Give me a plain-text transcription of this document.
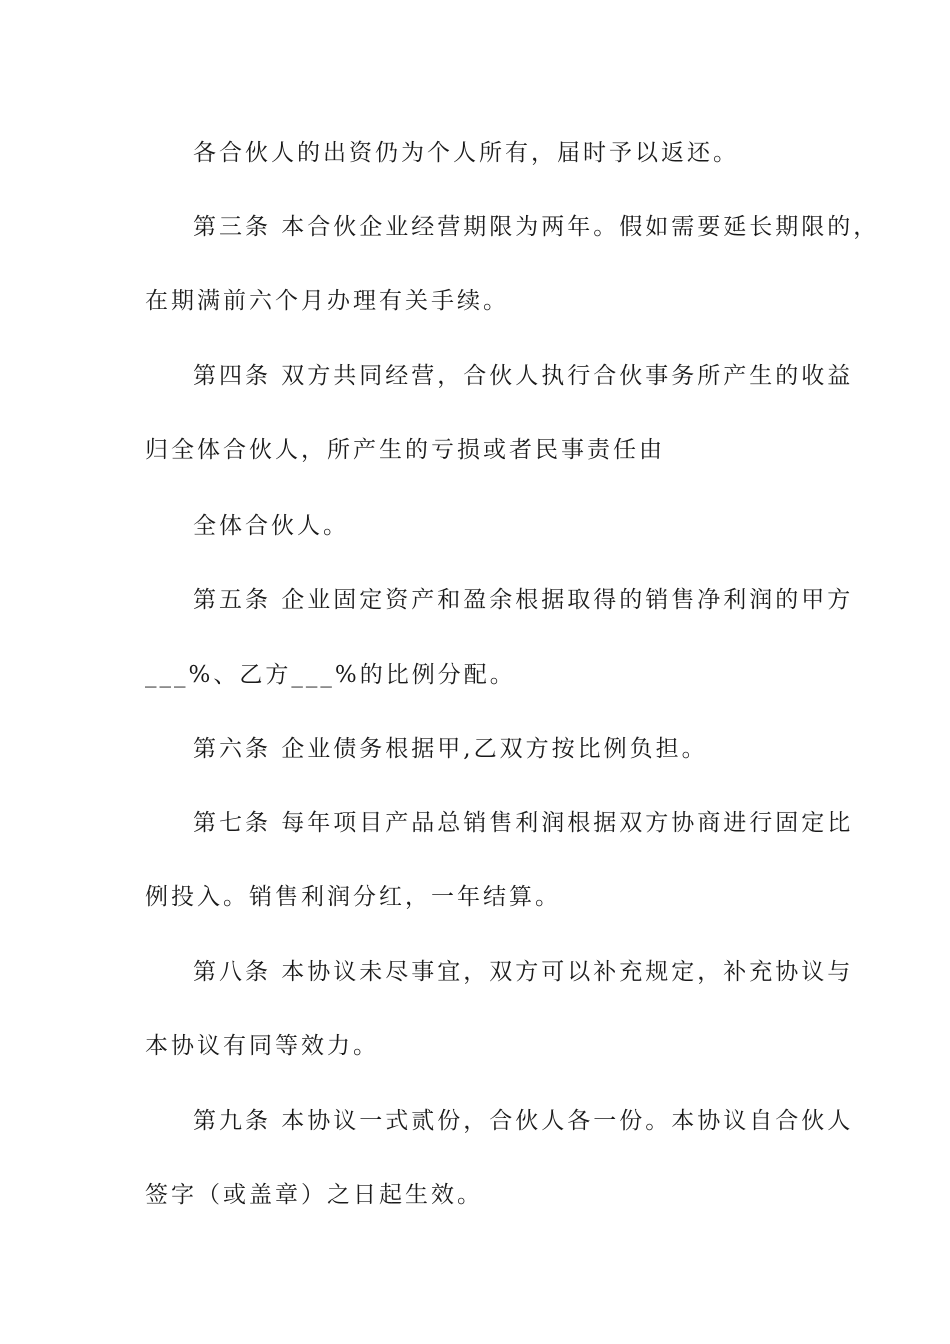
各合伙人的出资仍为个人所有，届时予以返还。
第三条 本合伙企业经营期限为两年。假如需要延长期限的，
在期满前六个月办理有关手续。
第四条 双方共同经营，合伙人执行合伙事务所产生的收益
归全体合伙人，所产生的亏损或者民事责任由
全体合伙人。
第五条 企业固定资产和盈余根据取得的销售净利润的甲方
___%、乙方___%的比例分配。
第六条 企业债务根据甲,乙双方按比例负担。
第七条 每年项目产品总销售利润根据双方协商进行固定比
例投入。销售利润分红，一年结算。
第八条 本协议未尽事宜，双方可以补充规定，补充协议与
本协议有同等效力。
第九条 本协议一式贰份，合伙人各一份。本协议自合伙人
签字（或盖章）之日起生效。
